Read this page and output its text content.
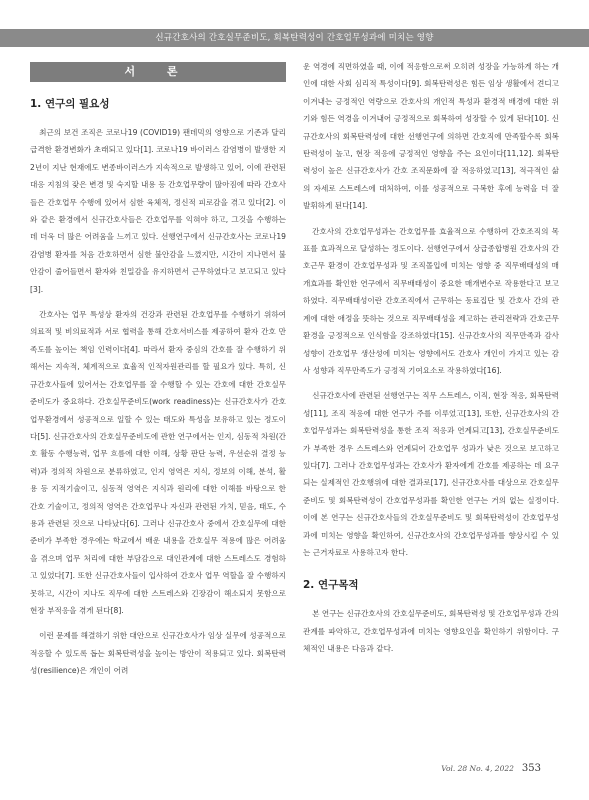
신규간호사의 간호실무준비도, 회복탄력성이 간호업무성과에 미치는 영향
서 론
1. 연구의 필요성

최근의 보건 조직은 코로나19 (COVID19) 팬데믹의 영향으로 기존과 달리 급격한 환경변화가 초래되고 있다[1]. 코로나19 바이러스 감염병이 발생한 지 2년이 지난 현재에도 변종바이러스가 지속적으로 발생하고 있어, 이에 관련된 대응 지침의 잦은 변경 및 숙지할 내용 등 간호업무량이 많아짐에 따라 간호사들은 간호업무 수행에 있어서 심한 육체적, 정신적 피로감을 겪고 있다[2]. 이와 같은 환경에서 신규간호사들은 간호업무를 익혀야 하고, 그것을 수행하는 데 더욱 더 많은 어려움을 느끼고 있다. 선행연구에서 신규간호사는 코로나19 감염병 환자를 처음 간호하면서 심한 불안감을 느꼈지만, 시간이 지나면서 불안감이 줄어들면서 환자와 친밀감을 유지하면서 근무하였다고 보고되고 있다[3].

간호사는 업무 특성상 환자의 건강과 관련된 간호업무를 수행하기 위하여 의료적 및 비의료적과 서로 협력을 통해 간호서비스를 제공하여 환자 간호 만족도를 높이는 책임 인력이다[4]. 따라서 환자 중심의 간호를 잘 수행하기 위해서는 지속적, 체계적으로 효율적 인적자원관리를 할 필요가 있다. 특히, 신규간호사들에 있어서는 간호업무를 잘 수행할 수 있는 간호에 대한 간호실무준비도가 중요하다. 간호실무준비도(work readiness)는 신규간호사가 간호업무환경에서 성공적으로 일할 수 있는 태도와 특성을 보유하고 있는 정도이다[5]. 신규간호사의 간호실무준비도에 관한 연구에서는 인지, 심동적 차원(간호 활동 수행능력, 업무 흐름에 대한 이해, 상황 판단 능력, 우선순위 결정 능력)과 정의적 차원으로 분류하였고, 인지 영역은 지식, 정보의 이해, 분석, 활용 등 지적기술이고, 심동적 영역은 지식과 원리에 대한 이해를 바탕으로 한 간호 기술이고, 정의적 영역은 간호업무나 자신과 관련된 가치, 믿음, 태도, 수용과 관련된 것으로 나타났다[6]. 그러나 신규간호사 중에서 간호실무에 대한 준비가 부족한 경우에는 학교에서 배운 내용을 간호실무 적용에 많은 어려움을 겪으며 업무 처리에 대한 부담감으로 대인관계에 대한 스트레스도 경험하고 있었다[7]. 또한 신규간호사들이 입사하여 간호사 업무 역할을 잘 수행하지 못하고, 시간이 지나도 직무에 대한 스트레스와 긴장감이 해소되지 못함으로 현장 부적응을 겪게 된다[8].

이런 문제를 해결하기 위한 대안으로 신규간호사가 임상 실무에 성공적으로 적응할 수 있도록 돕는 회복탄력성을 높이는 방안이 적용되고 있다. 회복탄력성(resilience)은 개인이 어려

운 역경에 직면하였을 때, 이에 적응함으로써 오히려 성장을 가능하게 하는 개인에 대한 사회 심리적 특성이다[9]. 회복탄력성은 힘든 임상 생활에서 견디고 이겨내는 긍정적인 역량으로 간호사의 개인적 특성과 환경적 배경에 대한 위기와 힘든 역경을 이겨내어 긍정적으로 회복하여 성장할 수 있게 된다[10]. 신규간호사의 회복탄력성에 대한 선행연구에 의하면 간호직에 만족할수록 회복탄력성이 높고, 현장 적응에 긍정적인 영향을 주는 요인이다[11,12]. 회복탄력성이 높은 신규간호사가 간호 조직문화에 잘 적응하였고[13], 적극적인 삶의 자세로 스트레스에 대처하여, 이를 성공적으로 극복한 후에 능력을 더 잘 발휘하게 된다[14].

간호사의 간호업무성과는 간호업무를 효율적으로 수행하여 간호조직의 목표를 효과적으로 달성하는 정도이다. 선행연구에서 상급종합병원 간호사의 간호근무 환경이 간호업무성과 및 조직몰입에 미치는 영향 중 직무배태성의 매개효과를 확인한 연구에서 직무배태성이 중요한 매개변수로 작용한다고 보고하였다. 직무배태성이란 간호조직에서 근무하는 동료집단 및 간호사 간의 관계에 대한 애정을 뜻하는 것으로 직무배태성을 제고하는 관리전략과 간호근무환경을 긍정적으로 인식함을 강조하였다[15]. 신규간호사의 직무만족과 감사 성향이 간호업무 생산성에 미치는 영향에서도 간호사 개인이 가지고 있는 감사 성향과 직무만족도가 긍정적 기여요소로 작용하였다[16].

신규간호사에 관련된 선행연구는 직무 스트레스, 이직, 현장 적응, 회복탄력성[11], 조직 적응에 대한 연구가 주를 이루었고[13], 또한, 신규간호사의 간호업무성과는 회복탄력성을 통한 조직 적응과 연계되고[13], 간호실무준비도가 부족한 경우 스트레스와 연계되어 간호업무 성과가 낮은 것으로 보고하고 있다[7]. 그러나 간호업무성과는 간호사가 환자에게 간호를 제공하는 데 요구되는 실제적인 간호행위에 대한 결과로[17], 신규간호사를 대상으로 간호실무준비도 및 회복탄력성이 간호업무성과를 확인한 연구는 거의 없는 실정이다. 이에 본 연구는 신규간호사들의 간호실무준비도 및 회복탄력성이 간호업무성과에 미치는 영향을 확인하여, 신규간호사의 간호업무성과를 향상시킬 수 있는 근거자료로 사용하고자 한다.

2. 연구목적

본 연구는 신규간호사의 간호실무준비도, 회복탄력성 및 간호업무성과 간의 관계를 파악하고, 간호업무성과에 미치는 영향요인을 확인하기 위함이다. 구체적인 내용은 다음과 같다.

Vol. 28 No. 4, 2022 353
